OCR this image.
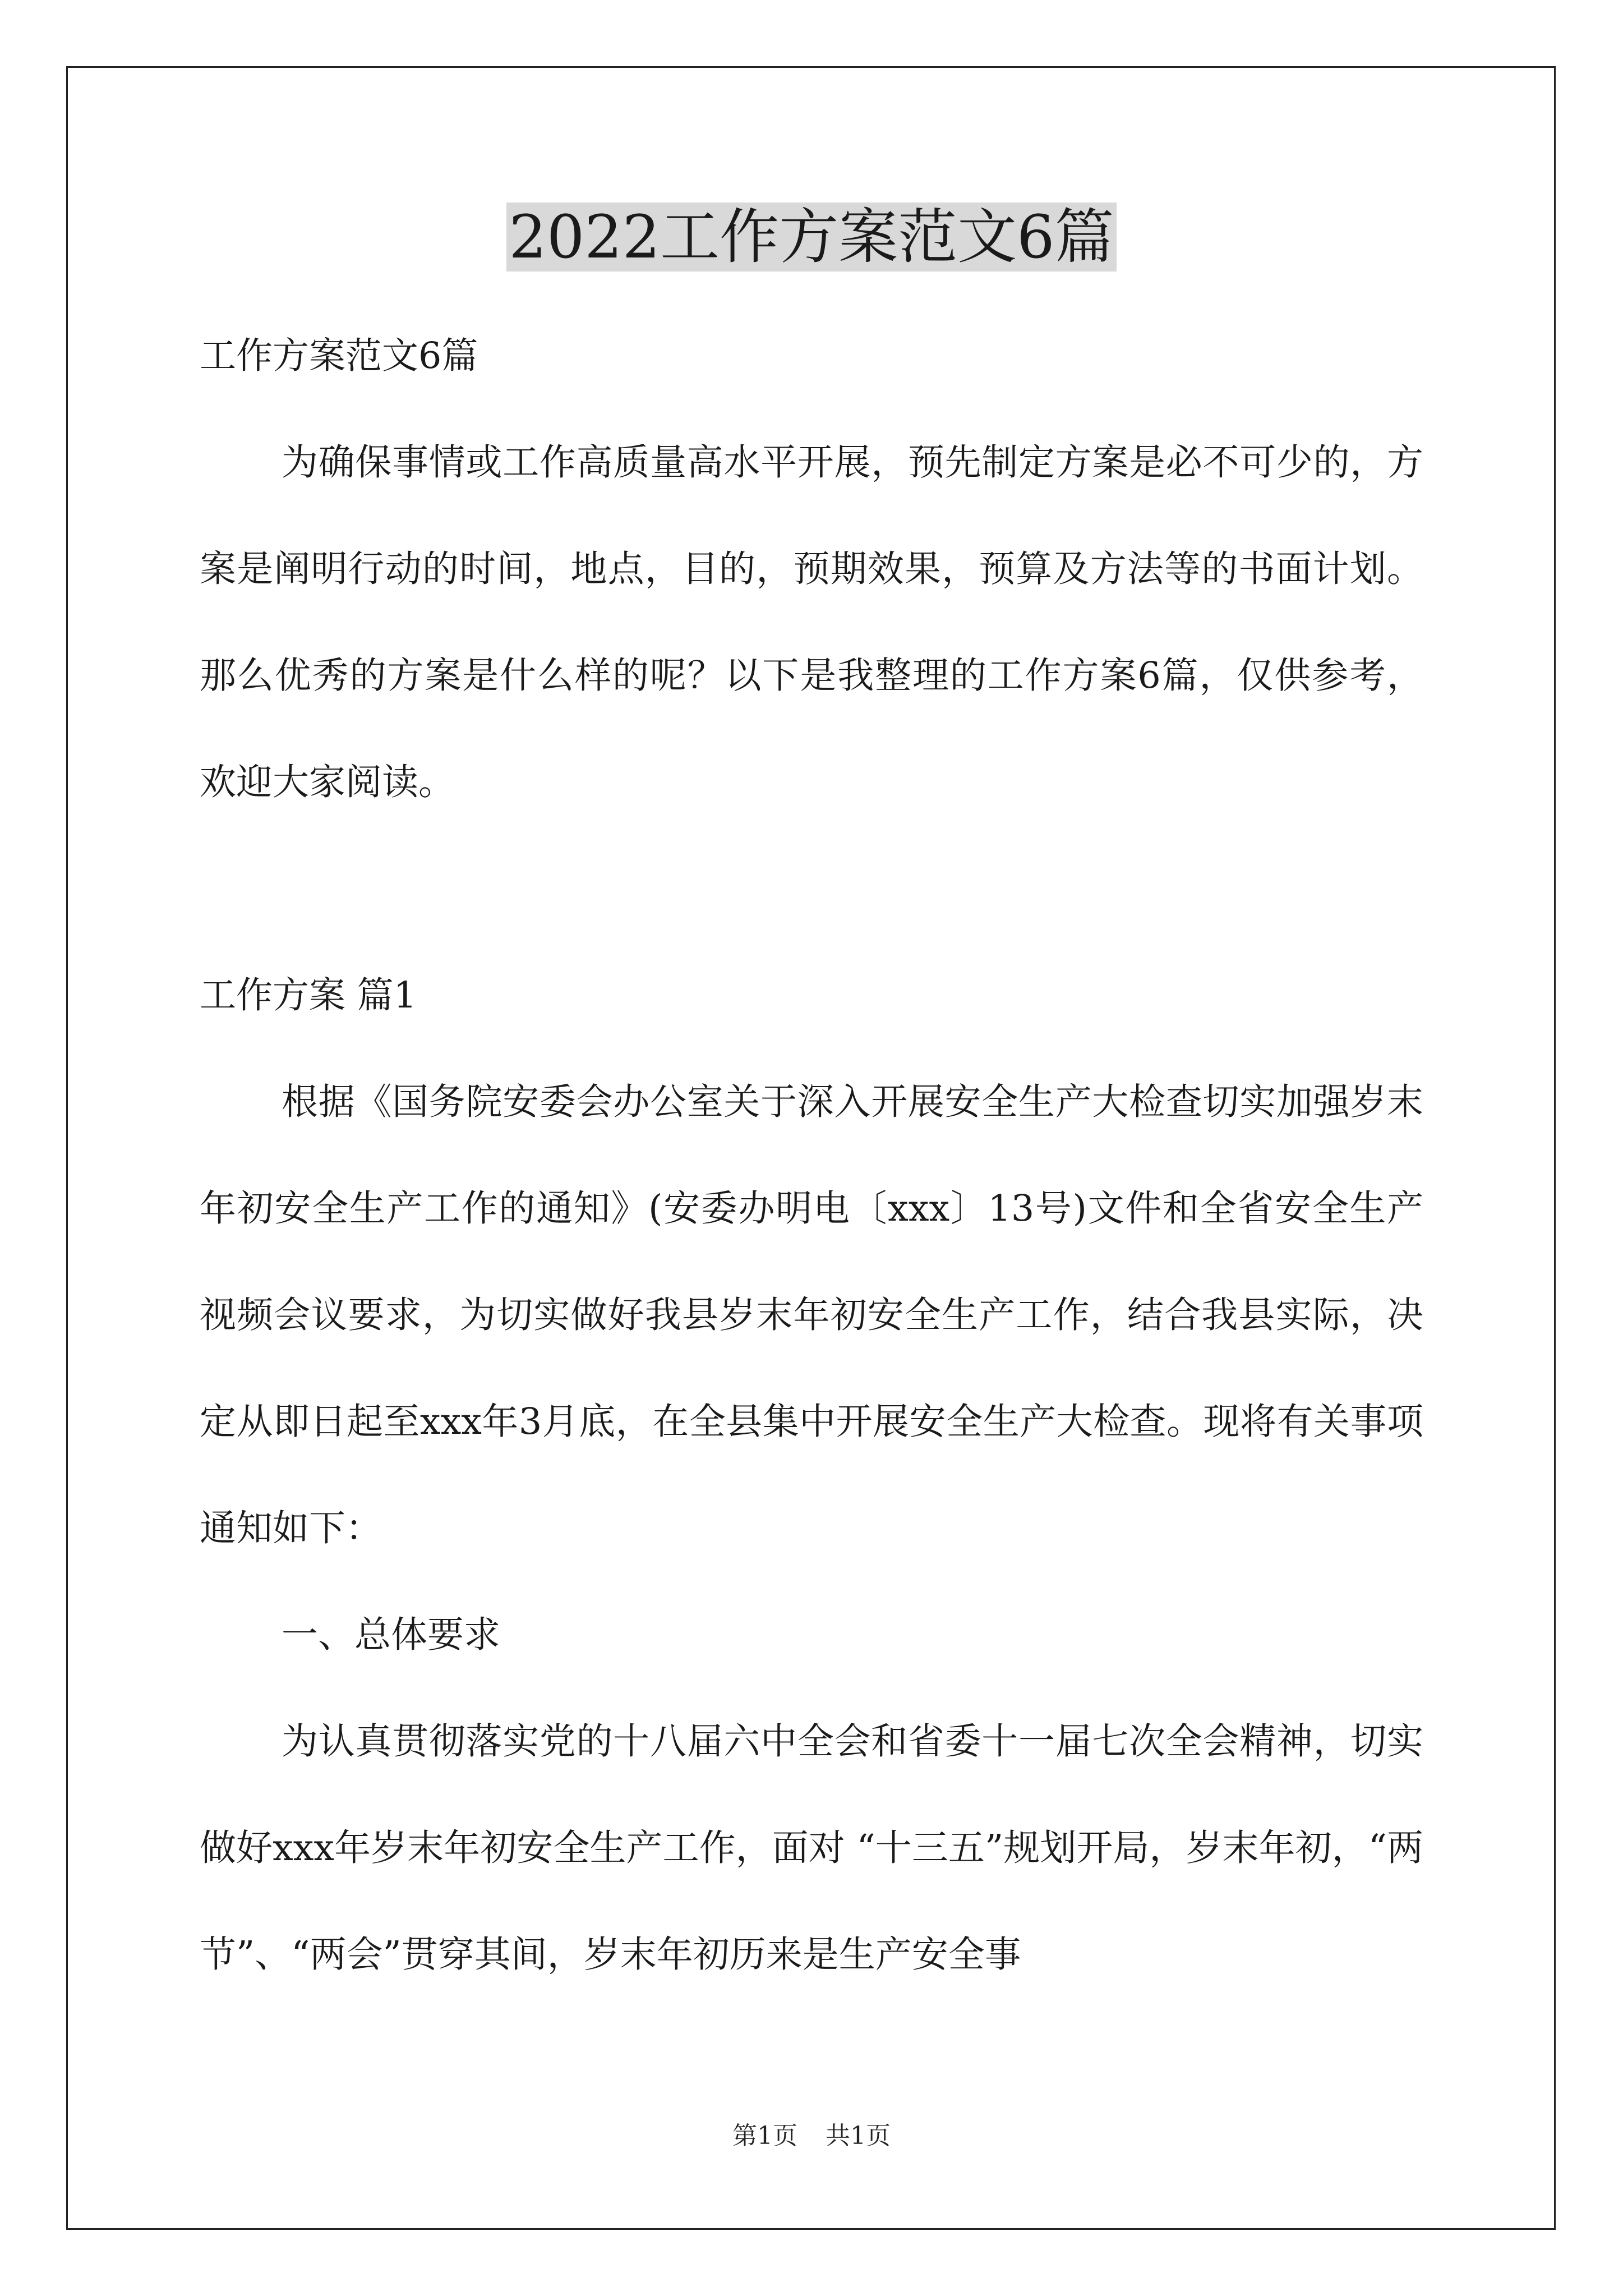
2022工作方案范文6篇
工作方案范文6篇

为确保事情或工作高质量高水平开展，预先制定方案是必不可少的，方案是阐明行动的时间，地点，目的，预期效果，预算及方法等的书面计划。那么优秀的方案是什么样的呢？以下是我整理的工作方案6篇，仅供参考，欢迎大家阅读。

工作方案 篇1

根据《国务院安委会办公室关于深入开展安全生产大检查切实加强岁末年初安全生产工作的通知》(安委办明电〔xxx〕13号)文件和全省安全生产视频会议要求，为切实做好我县岁末年初安全生产工作，结合我县实际，决定从即日起至xxx年3月底，在全县集中开展安全生产大检查。现将有关事项通知如下：

一、总体要求

为认真贯彻落实党的十八届六中全会和省委十一届七次全会精神，切实做好xxx年岁末年初安全生产工作，面对 “十三五”规划开局，岁末年初，“两节”、“两会”贯穿其间，岁末年初历来是生产安全事

第1页 共1页
